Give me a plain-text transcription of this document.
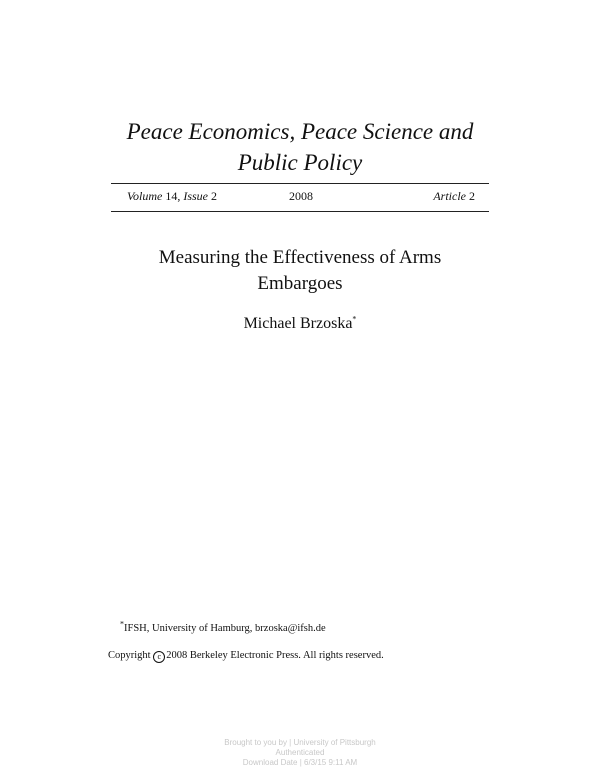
Peace Economics, Peace Science and
Public Policy
Volume 14, Issue 2	2008	Article 2
Measuring the Effectiveness of Arms
Embargoes
Michael Brzoska*
*IFSH, University of Hamburg, brzoska@ifsh.de
Copyright c 2008 Berkeley Electronic Press. All rights reserved.
Brought to you by | University of Pittsburgh
Authenticated
Download Date | 6/3/15 9:11 AM
